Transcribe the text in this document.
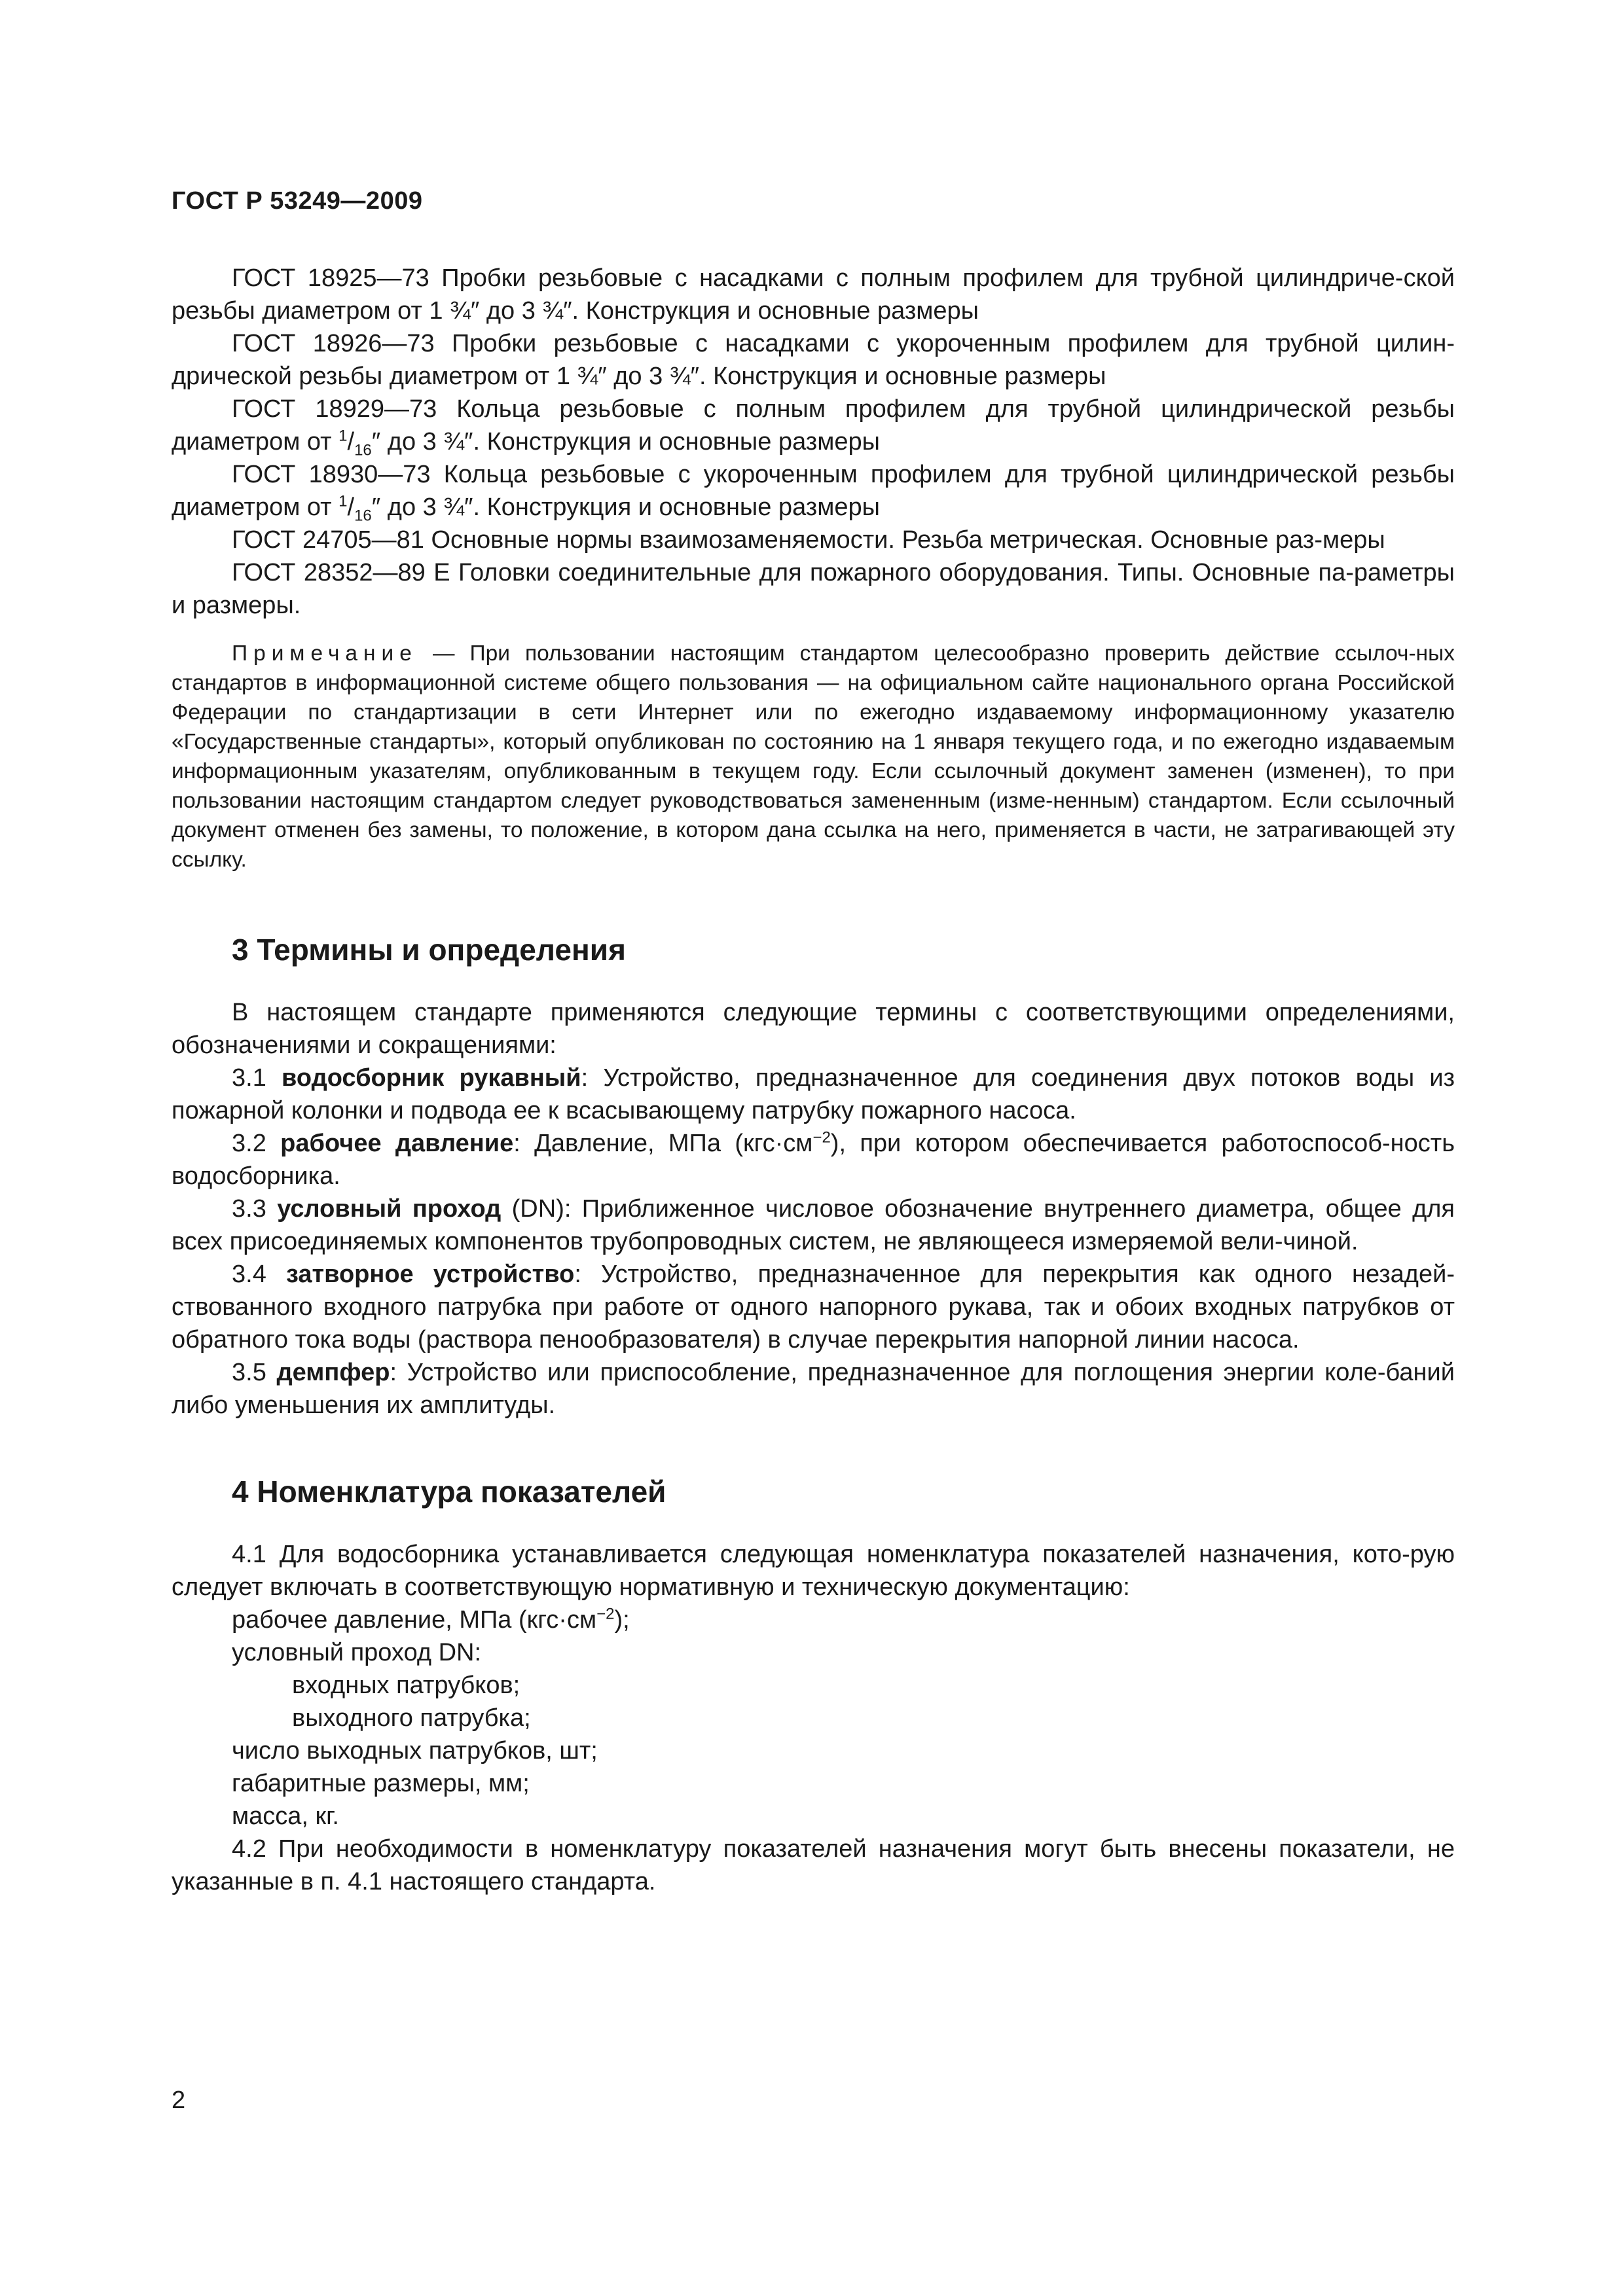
ГОСТ Р 53249—2009

ГОСТ 18925—73 Пробки резьбовые с насадками с полным профилем для трубной цилиндриче-ской резьбы диаметром от 1 ¾″ до 3 ¾″. Конструкция и основные размеры

ГОСТ 18926—73 Пробки резьбовые с насадками с укороченным профилем для трубной цилин-дрической резьбы диаметром от 1 ¾″ до 3 ¾″. Конструкция и основные размеры

ГОСТ 18929—73 Кольца резьбовые с полным профилем для трубной цилиндрической резьбы диаметром от $^1/_{16}''$ до 3 ¾″. Конструкция и основные размеры

ГОСТ 18930—73 Кольца резьбовые с укороченным профилем для трубной цилиндрической резьбы диаметром от $^1/_{16}''$ до 3 ¾″. Конструкция и основные размеры

ГОСТ 24705—81 Основные нормы взаимозаменяемости. Резьба метрическая. Основные раз-меры

ГОСТ 28352—89 Е Головки соединительные для пожарного оборудования. Типы. Основные па-раметры и размеры.

Примечание — При пользовании настоящим стандартом целесообразно проверить действие ссылоч-ных стандартов в информационной системе общего пользования — на официальном сайте национального органа Российской Федерации по стандартизации в сети Интернет или по ежегодно издаваемому информационному указателю «Государственные стандарты», который опубликован по состоянию на 1 января текущего года, и по ежегодно издаваемым информационным указателям, опубликованным в текущем году. Если ссылочный документ заменен (изменен), то при пользовании настоящим стандартом следует руководствоваться замененным (изме-ненным) стандартом. Если ссылочный документ отменен без замены, то положение, в котором дана ссылка на него, применяется в части, не затрагивающей эту ссылку.

3 Термины и определения

В настоящем стандарте применяются следующие термины с соответствующими определениями, обозначениями и сокращениями:

3.1 водосборник рукавный: Устройство, предназначенное для соединения двух потоков воды из пожарной колонки и подвода ее к всасывающему патрубку пожарного насоса.

3.2 рабочее давление: Давление, МПа $(кгс\cdot см^{-2})$, при котором обеспечивается работоспособ-ность водосборника.

3.3 условный проход (DN): Приближенное числовое обозначение внутреннего диаметра, общее для всех присоединяемых компонентов трубопроводных систем, не являющееся измеряемой вели-чиной.

3.4 затворное устройство: Устройство, предназначенное для перекрытия как одного незадей-ствованного входного патрубка при работе от одного напорного рукава, так и обоих входных патрубков от обратного тока воды (раствора пенообразователя) в случае перекрытия напорной линии насоса.

3.5 демпфер: Устройство или приспособление, предназначенное для поглощения энергии коле-баний либо уменьшения их амплитуды.

4 Номенклатура показателей

4.1 Для водосборника устанавливается следующая номенклатура показателей назначения, кото-рую следует включать в соответствующую нормативную и техническую документацию:

рабочее давление, МПа $(кгс\cdot см^{-2})$;

условный проход DN:

входных патрубков;

выходного патрубка;

число выходных патрубков, шт;

габаритные размеры, мм;

масса, кг.

4.2 При необходимости в номенклатуру показателей назначения могут быть внесены показатели, не указанные в п. 4.1 настоящего стандарта.

2
